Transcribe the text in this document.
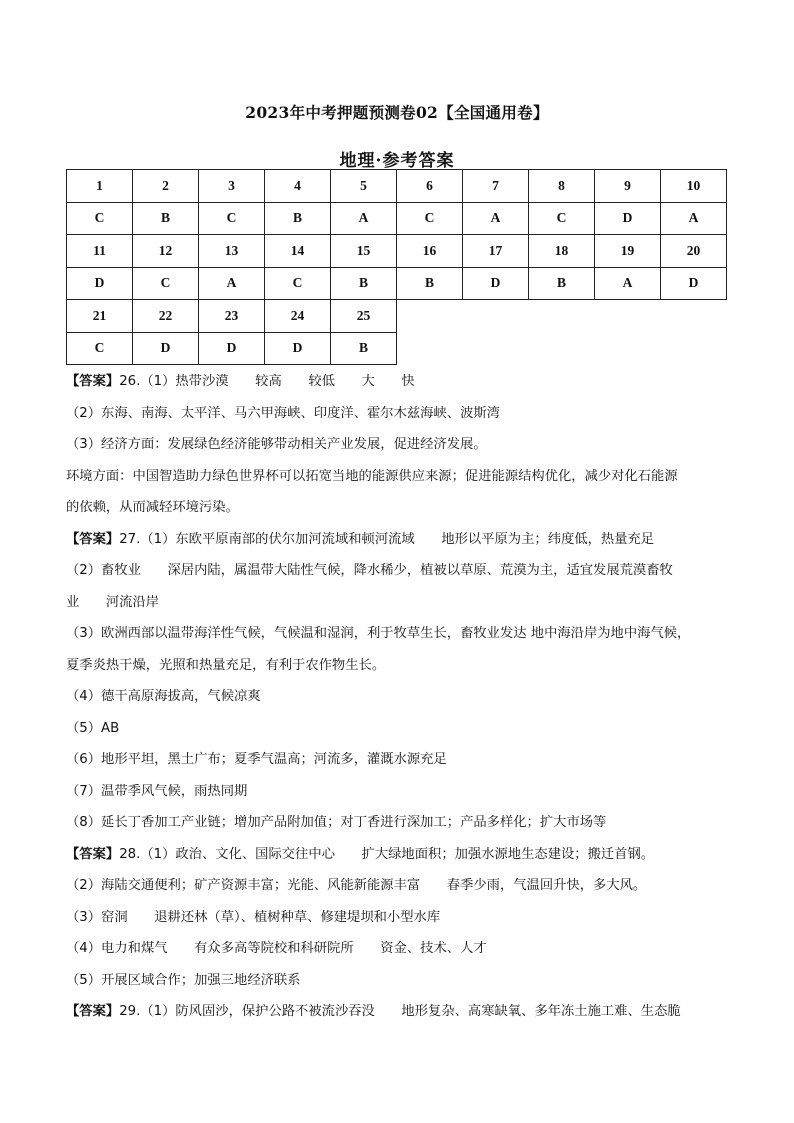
2023年中考押题预测卷02【全国通用卷】
地理·参考答案
1	2	3	4	5	6	7	8	9	10
C	B	C	B	A	C	A	C	D	A
11	12	13	14	15	16	17	18	19	20
D	C	A	C	B	B	D	B	A	D
21	22	23	24	25					
C	D	D	D	B					
【答案】26.（1）热带沙漠　　较高　　较低　　大　　快
（2）东海、南海、太平洋、马六甲海峡、印度洋、霍尔木兹海峡、波斯湾
（3）经济方面：发展绿色经济能够带动相关产业发展，促进经济发展。
环境方面：中国智造助力绿色世界杯可以拓宽当地的能源供应来源；促进能源结构优化，减少对化石能源
的依赖，从而减轻环境污染。
【答案】27.（1）东欧平原南部的伏尔加河流域和顿河流域　　地形以平原为主；纬度低，热量充足
（2）畜牧业　　深居内陆，属温带大陆性气候，降水稀少，植被以草原、荒漠为主，适宜发展荒漠畜牧
业　　河流沿岸
（3）欧洲西部以温带海洋性气候，气候温和湿润，利于牧草生长，畜牧业发达 地中海沿岸为地中海气候，
夏季炎热干燥，光照和热量充足，有利于农作物生长。
（4）德干高原海拔高，气候凉爽
（5）AB
（6）地形平坦，黑土广布；夏季气温高；河流多，灌溉水源充足
（7）温带季风气候，雨热同期
（8）延长丁香加工产业链；增加产品附加值；对丁香进行深加工；产品多样化；扩大市场等
【答案】28.（1）政治、文化、国际交往中心　　扩大绿地面积；加强水源地生态建设；搬迁首钢。
（2）海陆交通便利；矿产资源丰富；光能、风能新能源丰富　　春季少雨，气温回升快，多大风。
（3）窑洞　　退耕还林（草）、植树种草、修建堤坝和小型水库
（4）电力和煤气　　有众多高等院校和科研院所　　资金、技术、人才
（5）开展区域合作；加强三地经济联系
【答案】29.（1）防风固沙，保护公路不被流沙吞没　　地形复杂、高寒缺氧、多年冻土施工难、生态脆
